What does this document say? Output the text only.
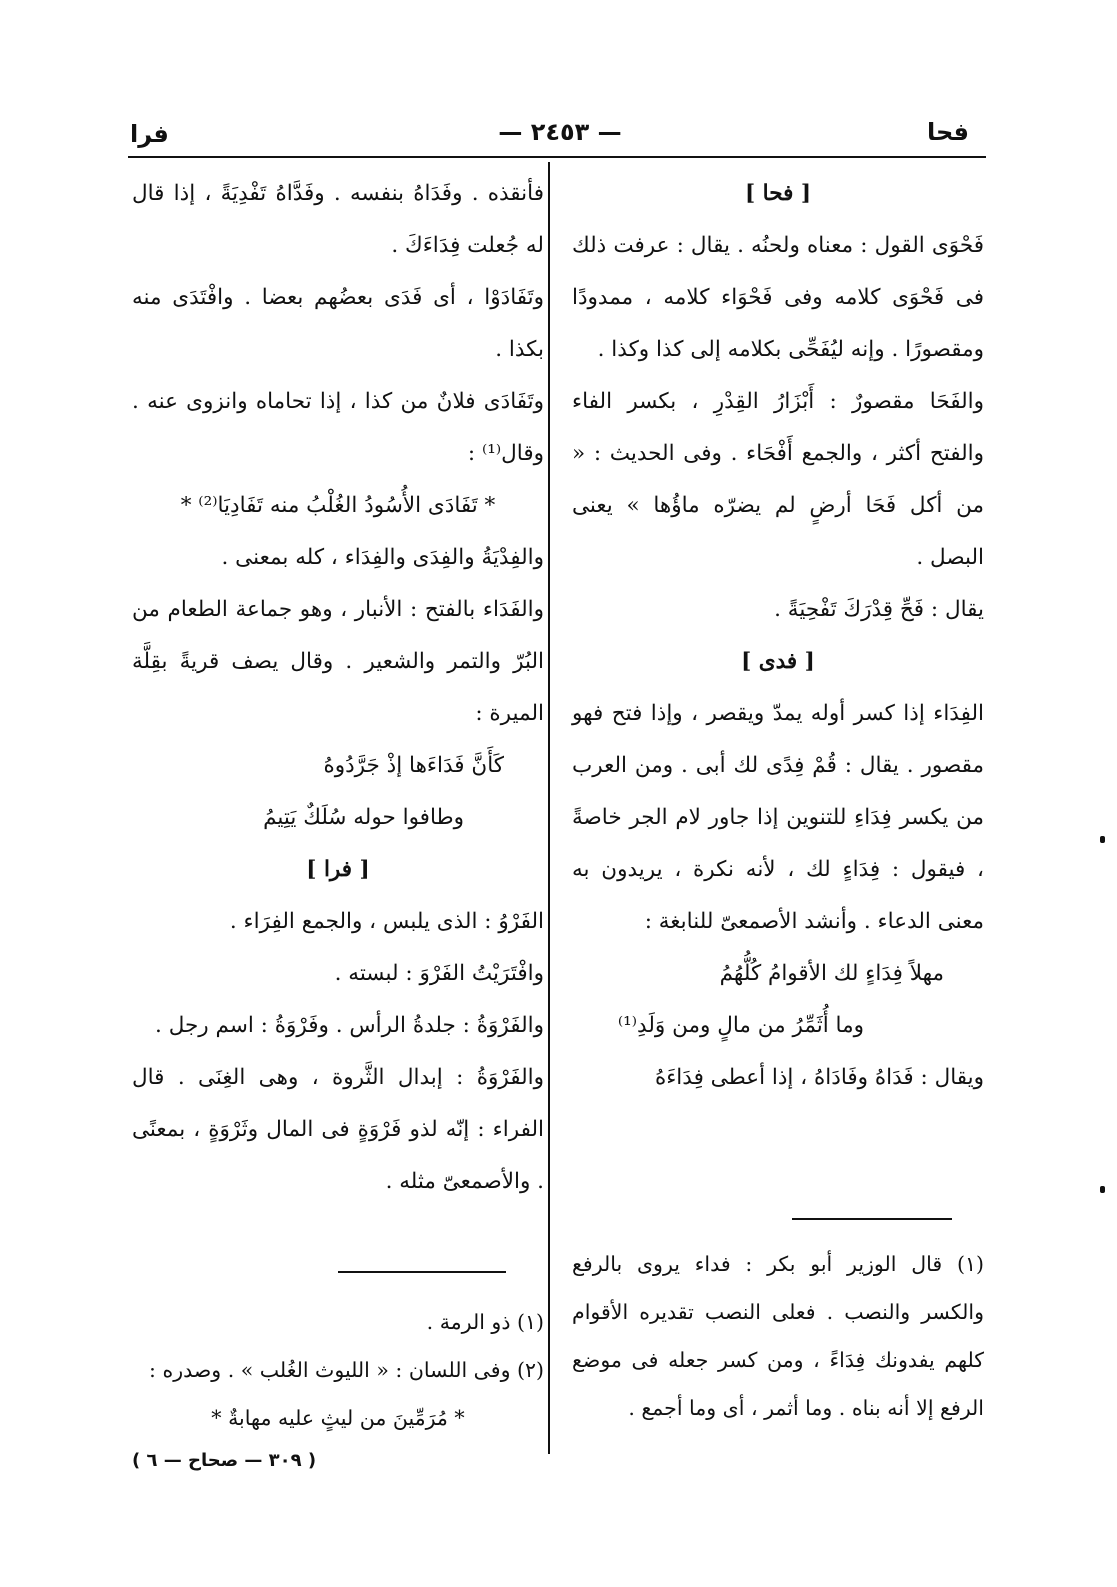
فرا	— ٢٤٥٣ —	فحا

[ فحا ]

فَحْوَى القول : معناه ولحنُه . يقال : عرفت ذلك فى فَحْوَى كلامه وفى فَحْوَاء كلامه ، ممدودًا ومقصورًا . وإنه ليُفَحِّى بكلامه إلى كذا وكذا .

والفَحَا مقصورٌ : أَبْزَارُ القِدْرِ ، بكسر الفاء والفتح أكثر ، والجمع أَفْحَاء . وفى الحديث : « من أكل فَحَا أرضٍ لم يضرّه ماؤُها » يعنى البصل .

يقال : فَحِّ قِدْرَكَ تَفْحِيَةً .

[ فدى ]

الفِدَاء إذا كسر أوله يمدّ ويقصر ، وإذا فتح فهو مقصور . يقال : قُمْ فِدًى لك أبى . ومن العرب من يكسر فِدَاءِ للتنوين إذا جاور لام الجر خاصةً ، فيقول : فِدَاءٍ لك ، لأنه نكرة ، يريدون به معنى الدعاء . وأنشد الأصمعىّ للنابغة :

مهلاً فِدَاءٍ لك الأقوامُ كُلُّهُمُ

وما أُثَمِّرُ من مالٍ ومن وَلَدِ⁽¹⁾

ويقال : فَدَاهُ وفَادَاهُ ، إذا أعطى فِدَاءَهُ

فأنقذه . وفَدَاهُ بنفسه . وفَدَّاهُ تَفْدِيَةً ، إذا قال له جُعلت فِدَاءَكَ .

وتَفَادَوْا ، أى فَدَى بعضُهم بعضا . وافْتَدَى منه بكذا .

وتَفَادَى فلانٌ من كذا ، إذا تحاماه وانزوى عنه . وقال⁽¹⁾ :

* تَفَادَى الأُسُودُ الغُلْبُ منه تَفَادِيَا⁽²⁾ *

والفِدْيَةُ والفِدَى والفِدَاء ، كله بمعنى .

والفَدَاء بالفتح : الأنبار ، وهو جماعة الطعام من البُرّ والتمر والشعير . وقال يصف قريةً بقِلَّة الميرة :

كَأَنَّ فَدَاءَها إذْ جَرَّدُوهُ

وطافوا حوله سُلَكٌ يَتِيمُ

[ فرا ]

الفَرْوُ : الذى يلبس ، والجمع الفِرَاء .

وافْتَرَيْتُ الفَرْوَ : لبسته .

والفَرْوَةُ : جلدةُ الرأس . وفَرْوَةُ : اسم رجل .

والفَرْوَةُ : إبدال الثَّروة ، وهى الغِنَى . قال الفراء : إنّه لذو فَرْوَةٍ فى المال وثَرْوَةٍ ، بمعنًى . والأصمعىّ مثله .

(١) قال الوزير أبو بكر : فداء يروى بالرفع والكسر والنصب . فعلى النصب تقديره الأقوام كلهم يفدونك فِدَاءً ، ومن كسر جعله فى موضع الرفع إلا أنه بناه . وما أثمر ، أى وما أجمع .

(١) ذو الرمة .

(٢) وفى اللسان : « الليوث الغُلب » . وصدره :

* مُرَمِّينَ من ليثٍ عليه مهابةٌ *

( ٣٠٩ — صحاح — ٦ )
